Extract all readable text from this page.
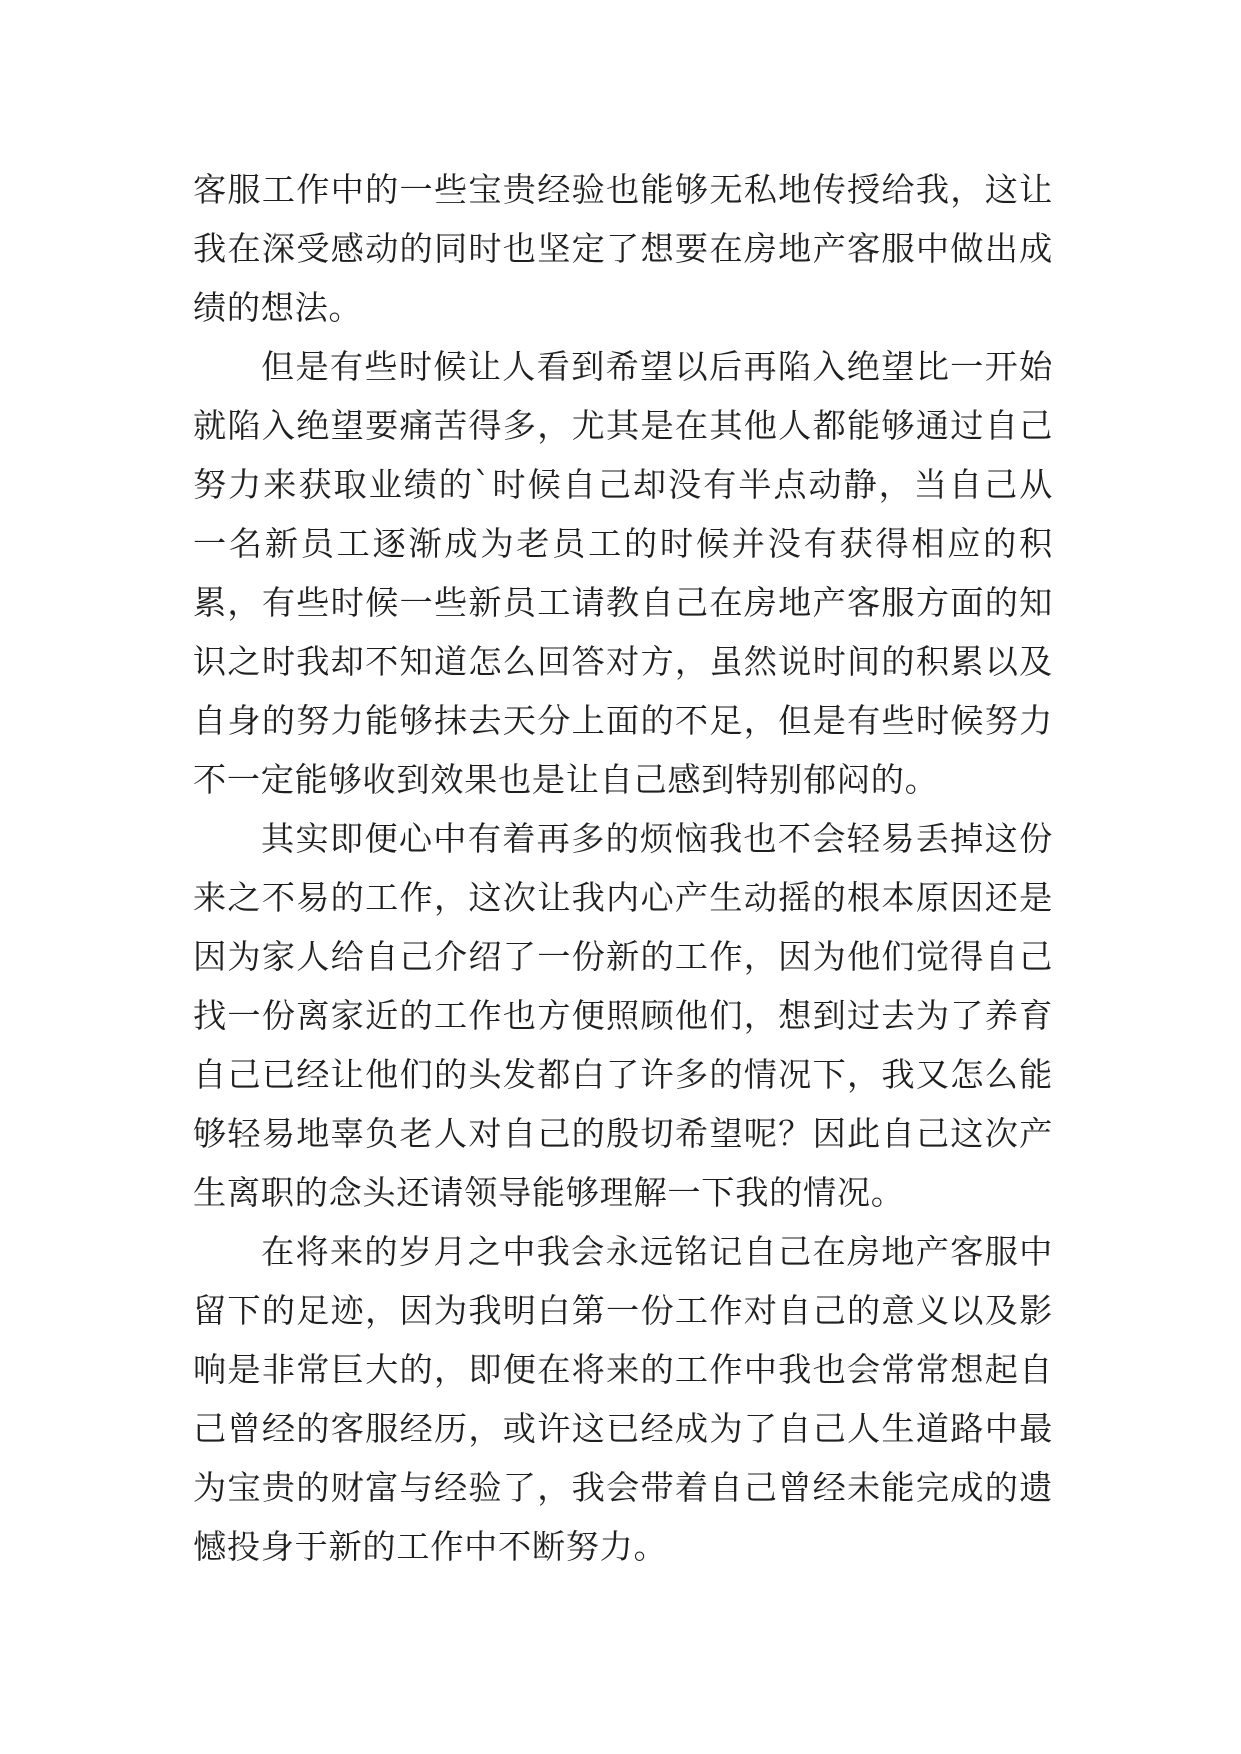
客服工作中的一些宝贵经验也能够无私地传授给我，这让我在深受感动的同时也坚定了想要在房地产客服中做出成绩的想法。

但是有些时候让人看到希望以后再陷入绝望比一开始就陷入绝望要痛苦得多，尤其是在其他人都能够通过自己努力来获取业绩的`时候自己却没有半点动静，当自己从一名新员工逐渐成为老员工的时候并没有获得相应的积累，有些时候一些新员工请教自己在房地产客服方面的知识之时我却不知道怎么回答对方，虽然说时间的积累以及自身的努力能够抹去天分上面的不足，但是有些时候努力不一定能够收到效果也是让自己感到特别郁闷的。

其实即便心中有着再多的烦恼我也不会轻易丢掉这份来之不易的工作，这次让我内心产生动摇的根本原因还是因为家人给自己介绍了一份新的工作，因为他们觉得自己找一份离家近的工作也方便照顾他们，想到过去为了养育自己已经让他们的头发都白了许多的情况下，我又怎么能够轻易地辜负老人对自己的殷切希望呢？因此自己这次产生离职的念头还请领导能够理解一下我的情况。

在将来的岁月之中我会永远铭记自己在房地产客服中留下的足迹，因为我明白第一份工作对自己的意义以及影响是非常巨大的，即便在将来的工作中我也会常常想起自己曾经的客服经历，或许这已经成为了自己人生道路中最为宝贵的财富与经验了，我会带着自己曾经未能完成的遗憾投身于新的工作中不断努力。
